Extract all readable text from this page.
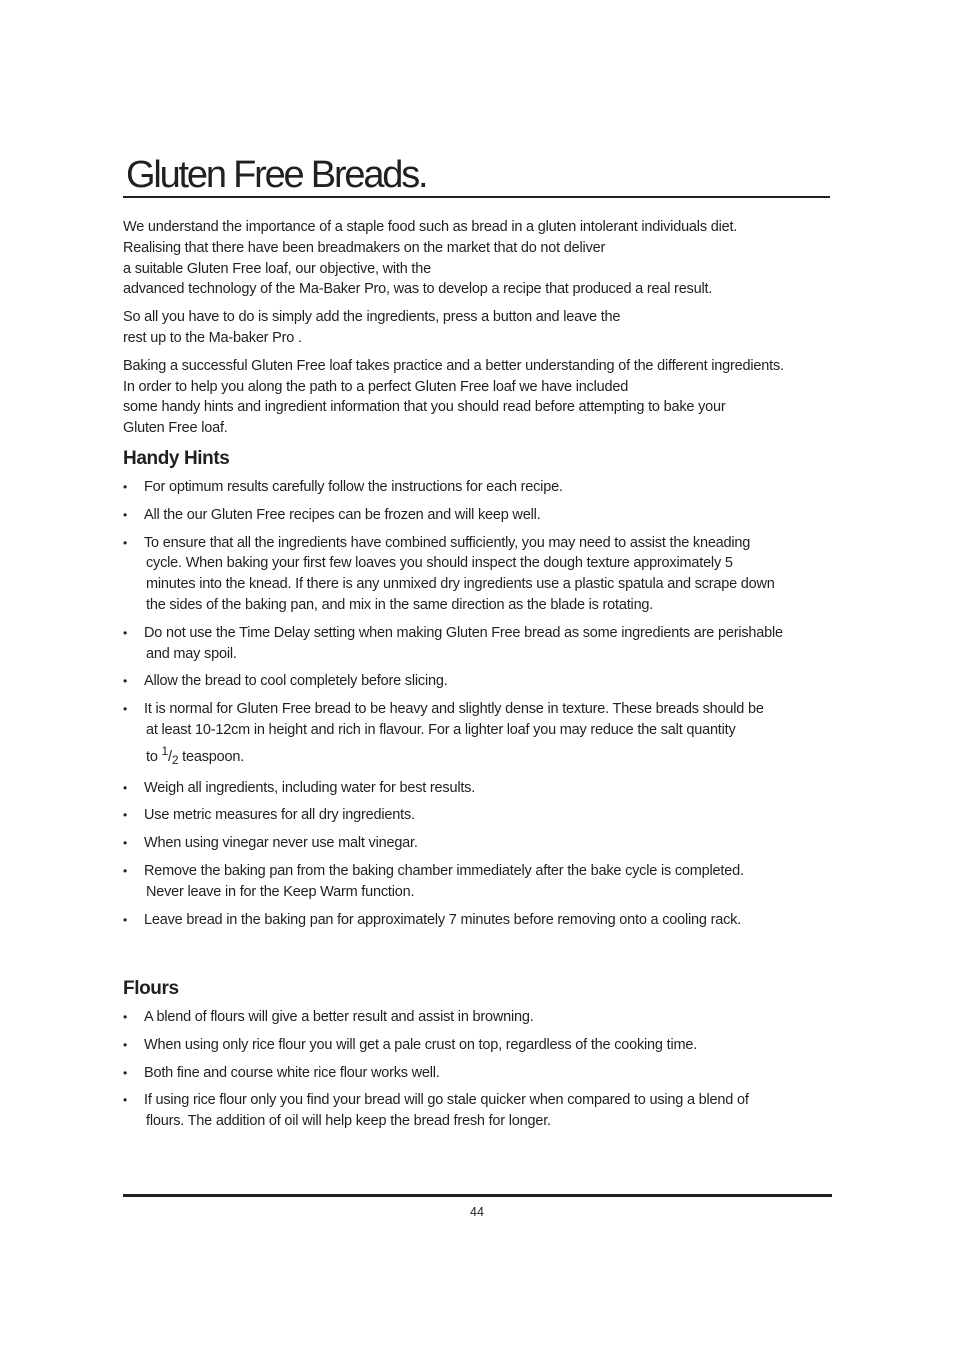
Gluten Free Breads.

We understand the importance of a staple food such as bread in a gluten intolerant individuals diet.
Realising that there have been breadmakers on the market that do not deliver
a suitable Gluten Free loaf, our objective, with the
advanced technology of the Ma-Baker Pro, was to develop a recipe that produced a real result.

So all you have to do is simply add the ingredients, press a button and leave the
rest up to the Ma-baker Pro .

Baking a successful Gluten Free loaf takes practice and a better understanding of the different ingredients.
In order to help you along the path to a perfect Gluten Free loaf we have included
some handy hints and ingredient information that you should read before attempting to bake your
Gluten Free loaf.

Handy Hints
• For optimum results carefully follow the instructions for each recipe.
• All the our Gluten Free recipes can be frozen and will keep well.
• To ensure that all the ingredients have combined sufficiently, you may need to assist the kneading
cycle. When baking your first few loaves you should inspect the dough texture approximately 5
minutes into the knead. If there is any unmixed dry ingredients use a plastic spatula and scrape down
the sides of the baking pan, and mix in the same direction as the blade is rotating.
• Do not use the Time Delay setting when making Gluten Free bread as some ingredients are perishable
and may spoil.
• Allow the bread to cool completely before slicing.
• It is normal for Gluten Free bread to be heavy and slightly dense in texture. These breads should be
at least 10-12cm in height and rich in flavour. For a lighter loaf you may reduce the salt quantity
to $^1/_2$ teaspoon.
• Weigh all ingredients, including water for best results.
• Use metric measures for all dry ingredients.
• When using vinegar never use malt vinegar.
• Remove the baking pan from the baking chamber immediately after the bake cycle is completed.
Never leave in for the Keep Warm function.
• Leave bread in the baking pan for approximately 7 minutes before removing onto a cooling rack.
Flours
• A blend of flours will give a better result and assist in browning.
• When using only rice flour you will get a pale crust on top, regardless of the cooking time.
• Both fine and course white rice flour works well.
• If using rice flour only you find your bread will go stale quicker when compared to using a blend of
flours. The addition of oil will help keep the bread fresh for longer.
44
